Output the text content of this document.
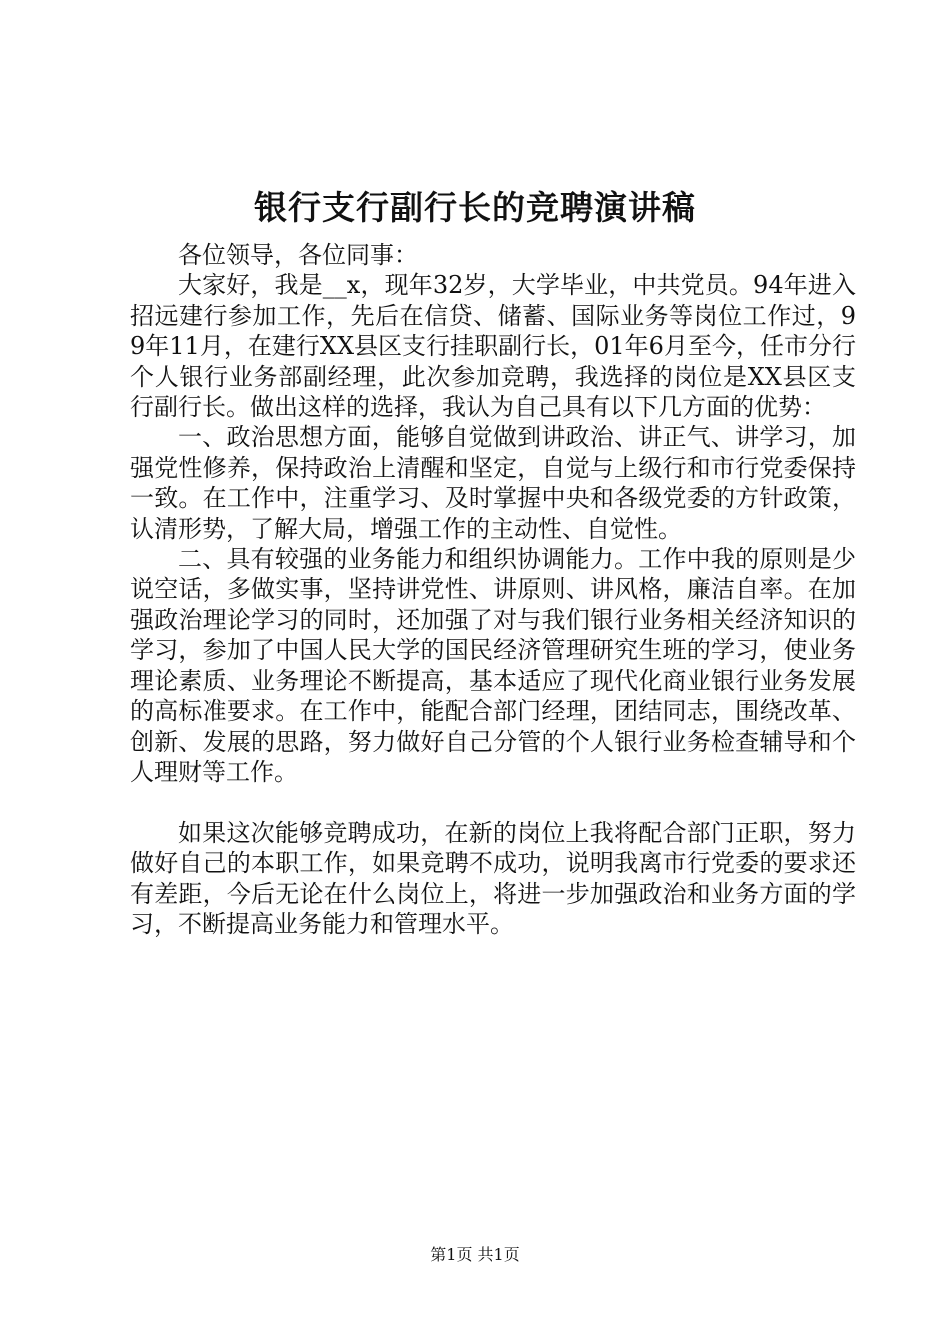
银行支行副行长的竞聘演讲稿

各位领导，各位同事：

大家好，我是__x，现年32岁，大学毕业，中共党员。94年进入招远建行参加工作，先后在信贷、储蓄、国际业务等岗位工作过，99年11月，在建行XX县区支行挂职副行长，01年6月至今，任市分行个人银行业务部副经理，此次参加竞聘，我选择的岗位是XX县区支行副行长。做出这样的选择，我认为自己具有以下几方面的优势：

一、政治思想方面，能够自觉做到讲政治、讲正气、讲学习，加强党性修养，保持政治上清醒和坚定，自觉与上级行和市行党委保持一致。在工作中，注重学习、及时掌握中央和各级党委的方针政策，认清形势，了解大局，增强工作的主动性、自觉性。

二、具有较强的业务能力和组织协调能力。工作中我的原则是少说空话，多做实事，坚持讲党性、讲原则、讲风格，廉洁自率。在加强政治理论学习的同时，还加强了对与我们银行业务相关经济知识的学习，参加了中国人民大学的国民经济管理研究生班的学习，使业务理论素质、业务理论不断提高，基本适应了现代化商业银行业务发展的高标准要求。在工作中，能配合部门经理，团结同志，围绕改革、创新、发展的思路，努力做好自己分管的个人银行业务检查辅导和个人理财等工作。

如果这次能够竞聘成功，在新的岗位上我将配合部门正职，努力做好自己的本职工作，如果竞聘不成功，说明我离市行党委的要求还有差距，今后无论在什么岗位上，将进一步加强政治和业务方面的学习，不断提高业务能力和管理水平。

第1页 共1页
